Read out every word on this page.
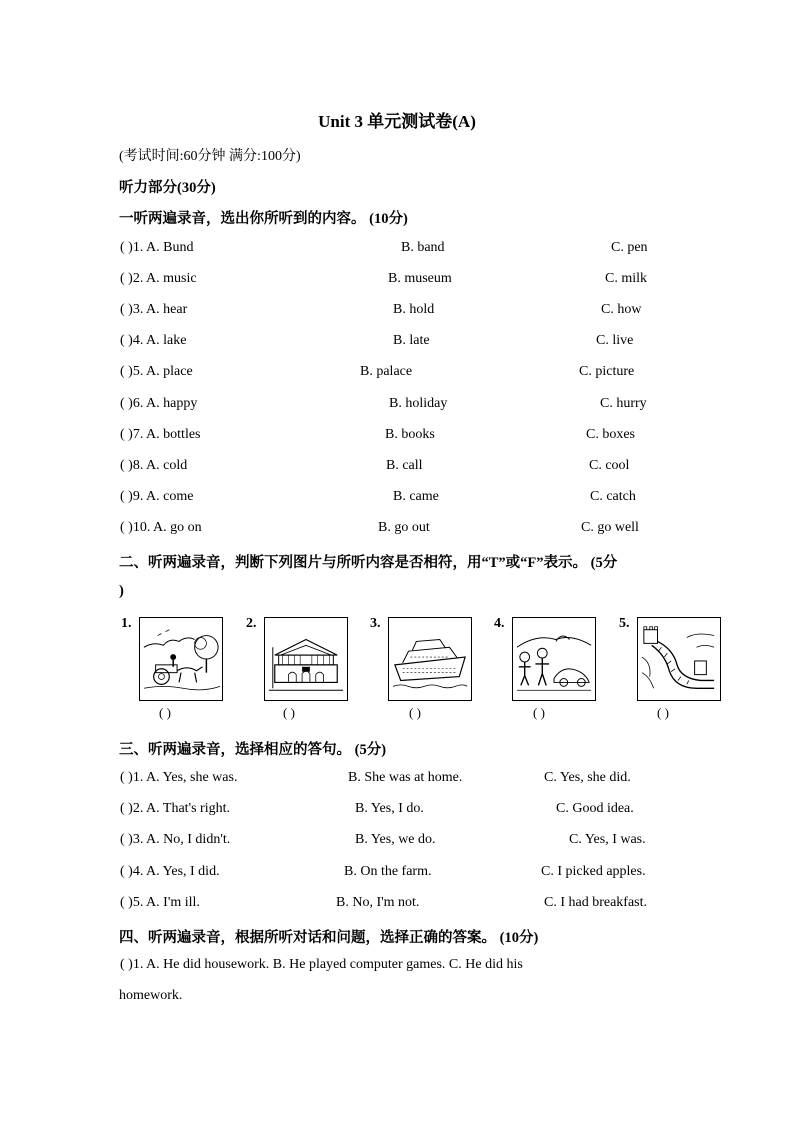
Unit 3 单元测试卷(A)
(考试时间:60分钟 满分:100分)
听力部分(30分)
一听两遍录音，选出你所听到的内容。 (10分)
( )1. A. Bund	B. band	C. pen
( )2. A. music	B. museum	C. milk
( )3. A. hear	B. hold	C. how
( )4. A. lake	B. late	C. live
( )5. A. place	B. palace	C. picture
( )6. A. happy	B. holiday	C. hurry
( )7. A. bottles	B. books	C. boxes
( )8. A. cold	B. call	C. cool
( )9. A. come	B. came	C. catch
( )10. A. go on	B. go out	C. go well
二、听两遍录音，判断下列图片与所听内容是否相符，用“T”或“F”表示。 (5分
)
1.
( )
2.
( )
3.
( )
4.
( )
5.
( )
三、听两遍录音，选择相应的答句。 (5分)
( )1. A. Yes, she was.	B. She was at home.	C. Yes, she did.
( )2. A. That's right.	B. Yes, I do.	C. Good idea.
( )3. A. No, I didn't.	B. Yes, we do.	C. Yes, I was.
( )4. A. Yes, I did.	B. On the farm.	C. I picked apples.
( )5. A. I'm ill.	B. No, I'm not.	C. I had breakfast.
四、听两遍录音，根据所听对话和问题，选择正确的答案。 (10分)
( )1. A. He did housework. B. He played computer games. C. He did his
homework.
